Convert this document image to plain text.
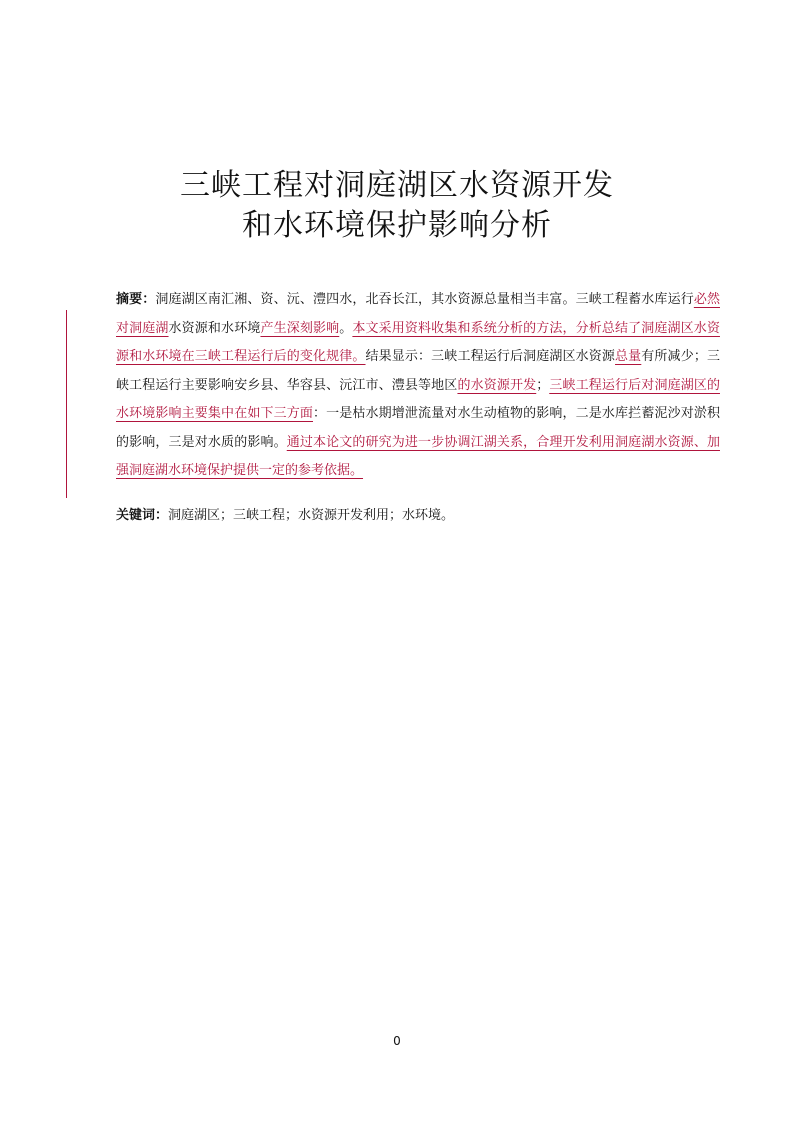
三峡工程对洞庭湖区水资源开发
和水环境保护影响分析

摘要：洞庭湖区南汇湘、资、沅、澧四水，北吞长江，其水资源总量相当丰富。三峡工程蓄水库运行必然对洞庭湖水资源和水环境产生深刻影响。本文采用资料收集和系统分析的方法，分析总结了洞庭湖区水资源和水环境在三峡工程运行后的变化规律。结果显示：三峡工程运行后洞庭湖区水资源总量有所减少；三峡工程运行主要影响安乡县、华容县、沅江市、澧县等地区的水资源开发；三峡工程运行后对洞庭湖区的水环境影响主要集中在如下三方面：一是枯水期增泄流量对水生动植物的影响，二是水库拦蓄泥沙对淤积的影响，三是对水质的影响。通过本论文的研究为进一步协调江湖关系，合理开发利用洞庭湖水资源、加强洞庭湖水环境保护提供一定的参考依据。

关键词：洞庭湖区；三峡工程；水资源开发利用；水环境。

0
